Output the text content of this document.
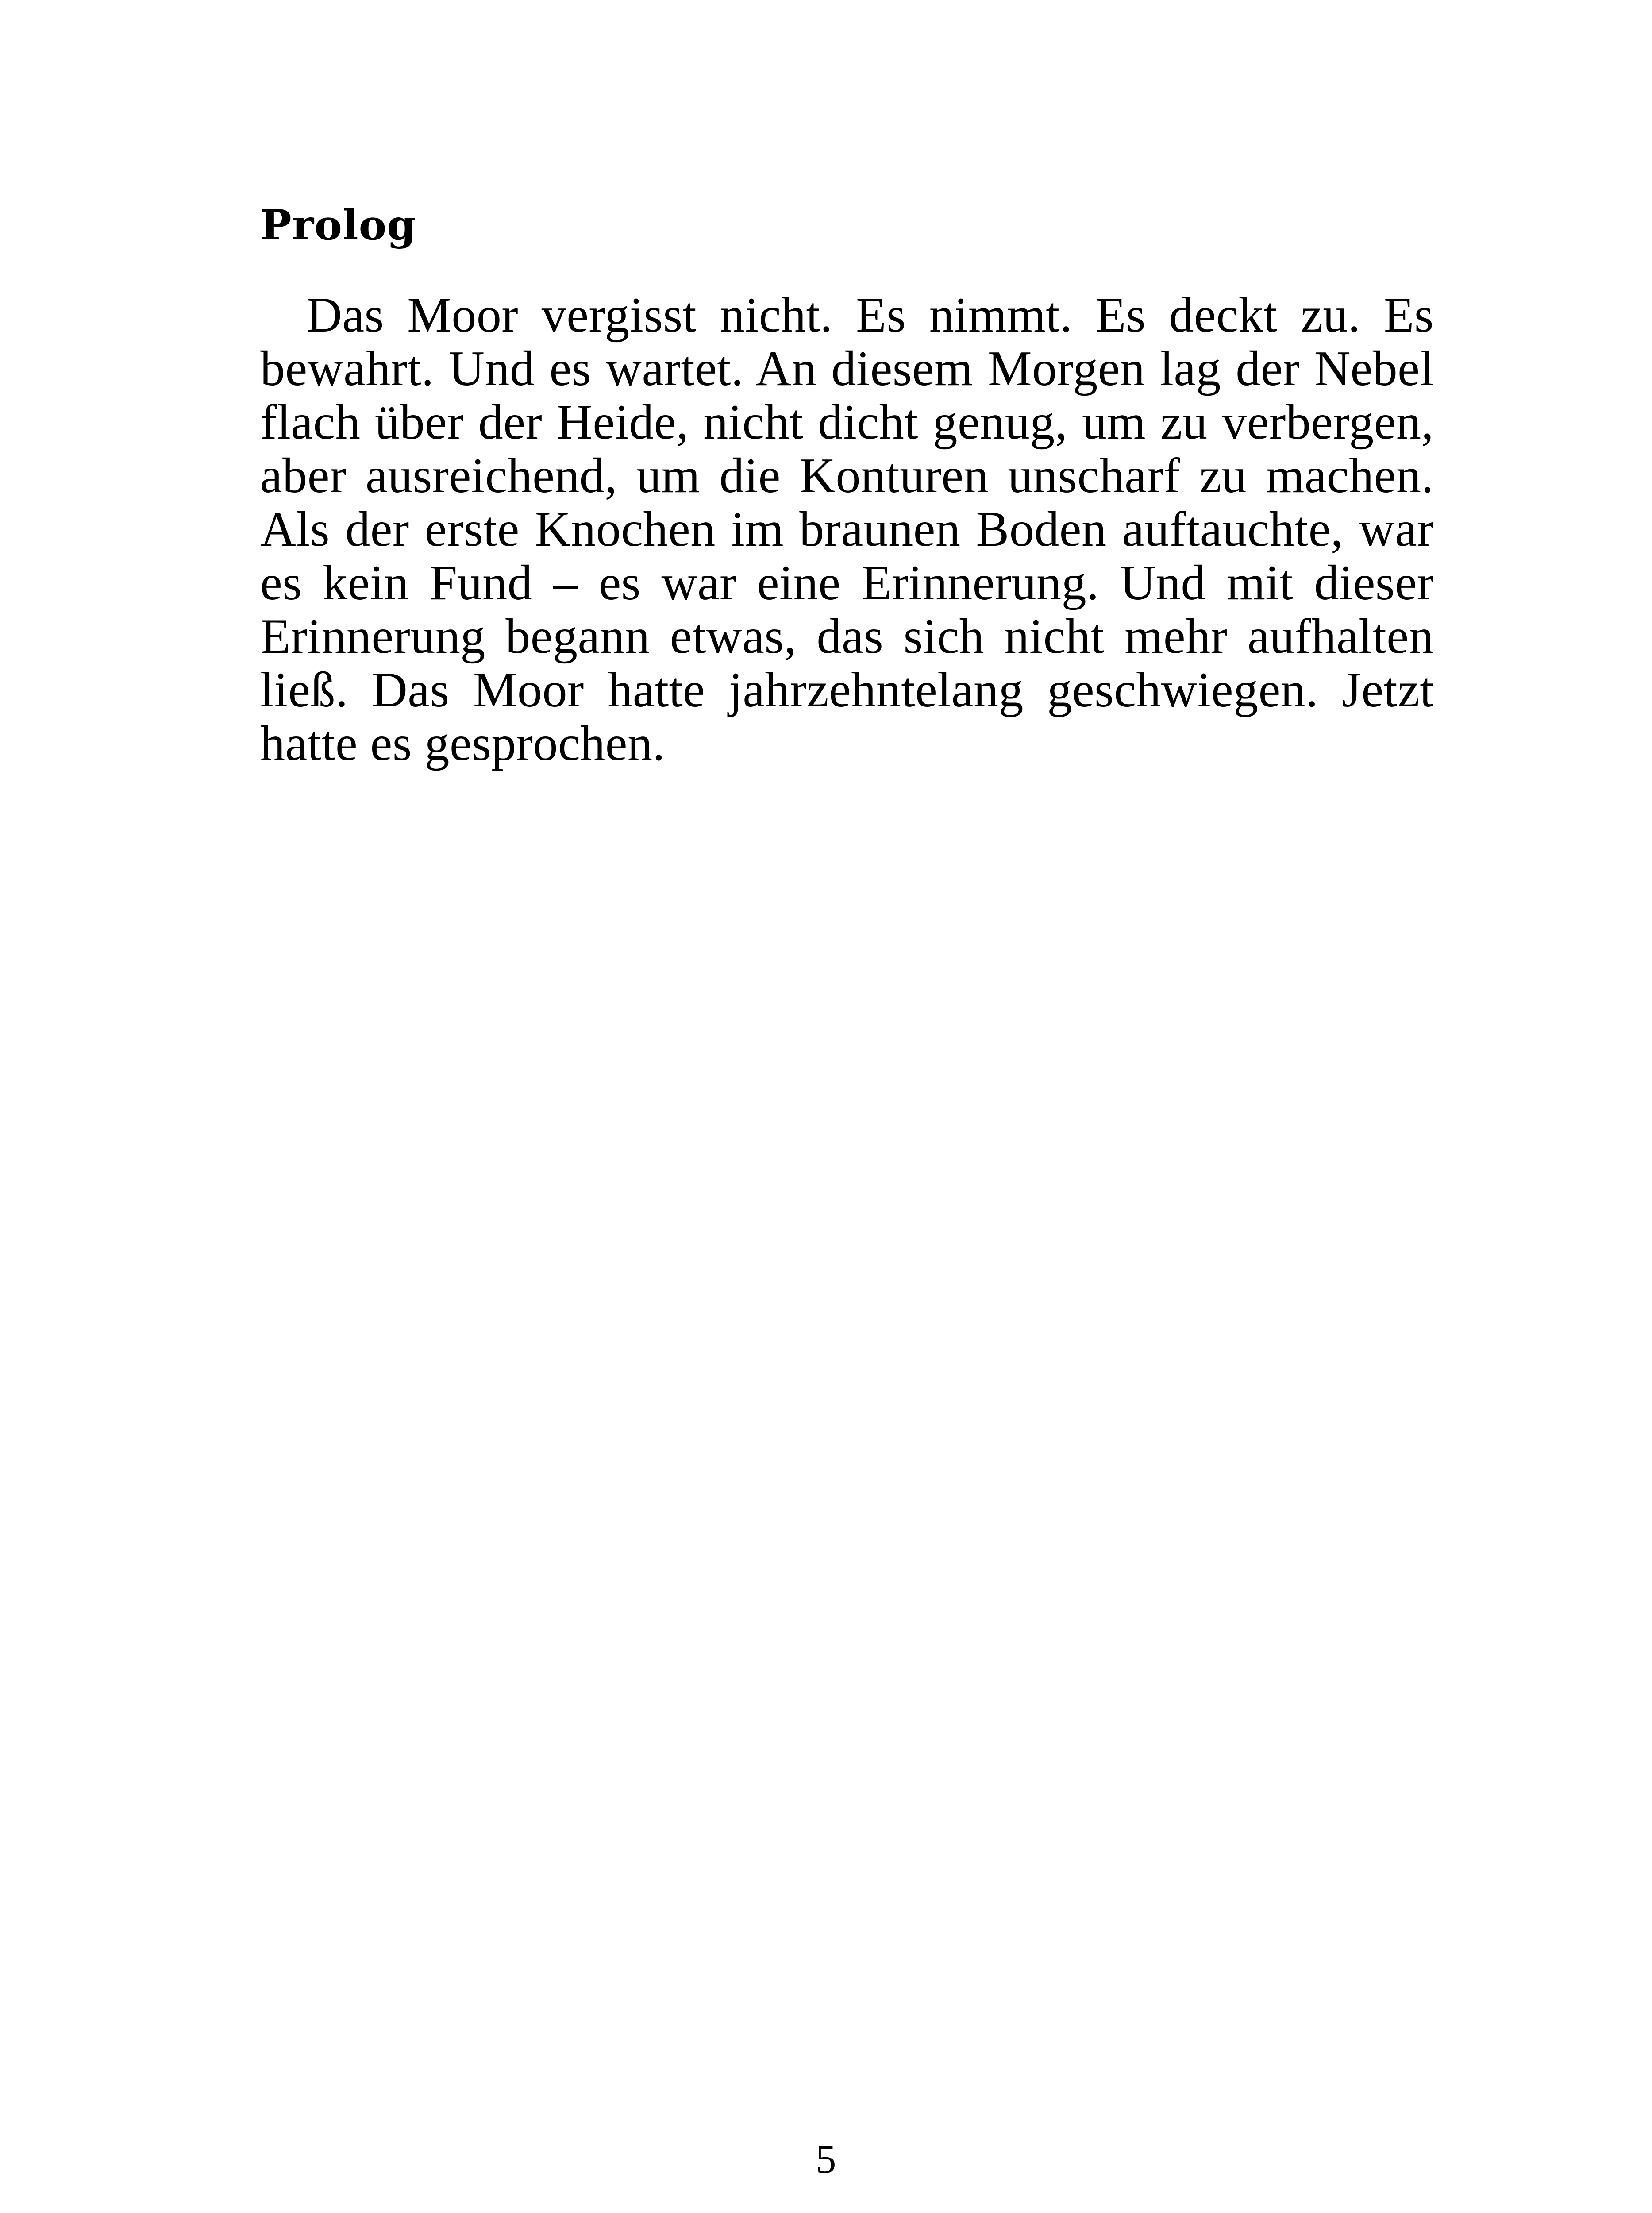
Prolog

Das Moor vergisst nicht. Es nimmt. Es deckt zu. Es bewahrt. Und es wartet. An diesem Morgen lag der Nebel flach über der Heide, nicht dicht genug, um zu verbergen, aber ausreichend, um die Konturen unscharf zu machen. Als der erste Knochen im braunen Boden auftauchte, war es kein Fund – es war eine Erinnerung. Und mit dieser Erinnerung begann etwas, das sich nicht mehr aufhalten ließ. Das Moor hatte jahrzehntelang geschwiegen. Jetzt hatte es gesprochen.

5
